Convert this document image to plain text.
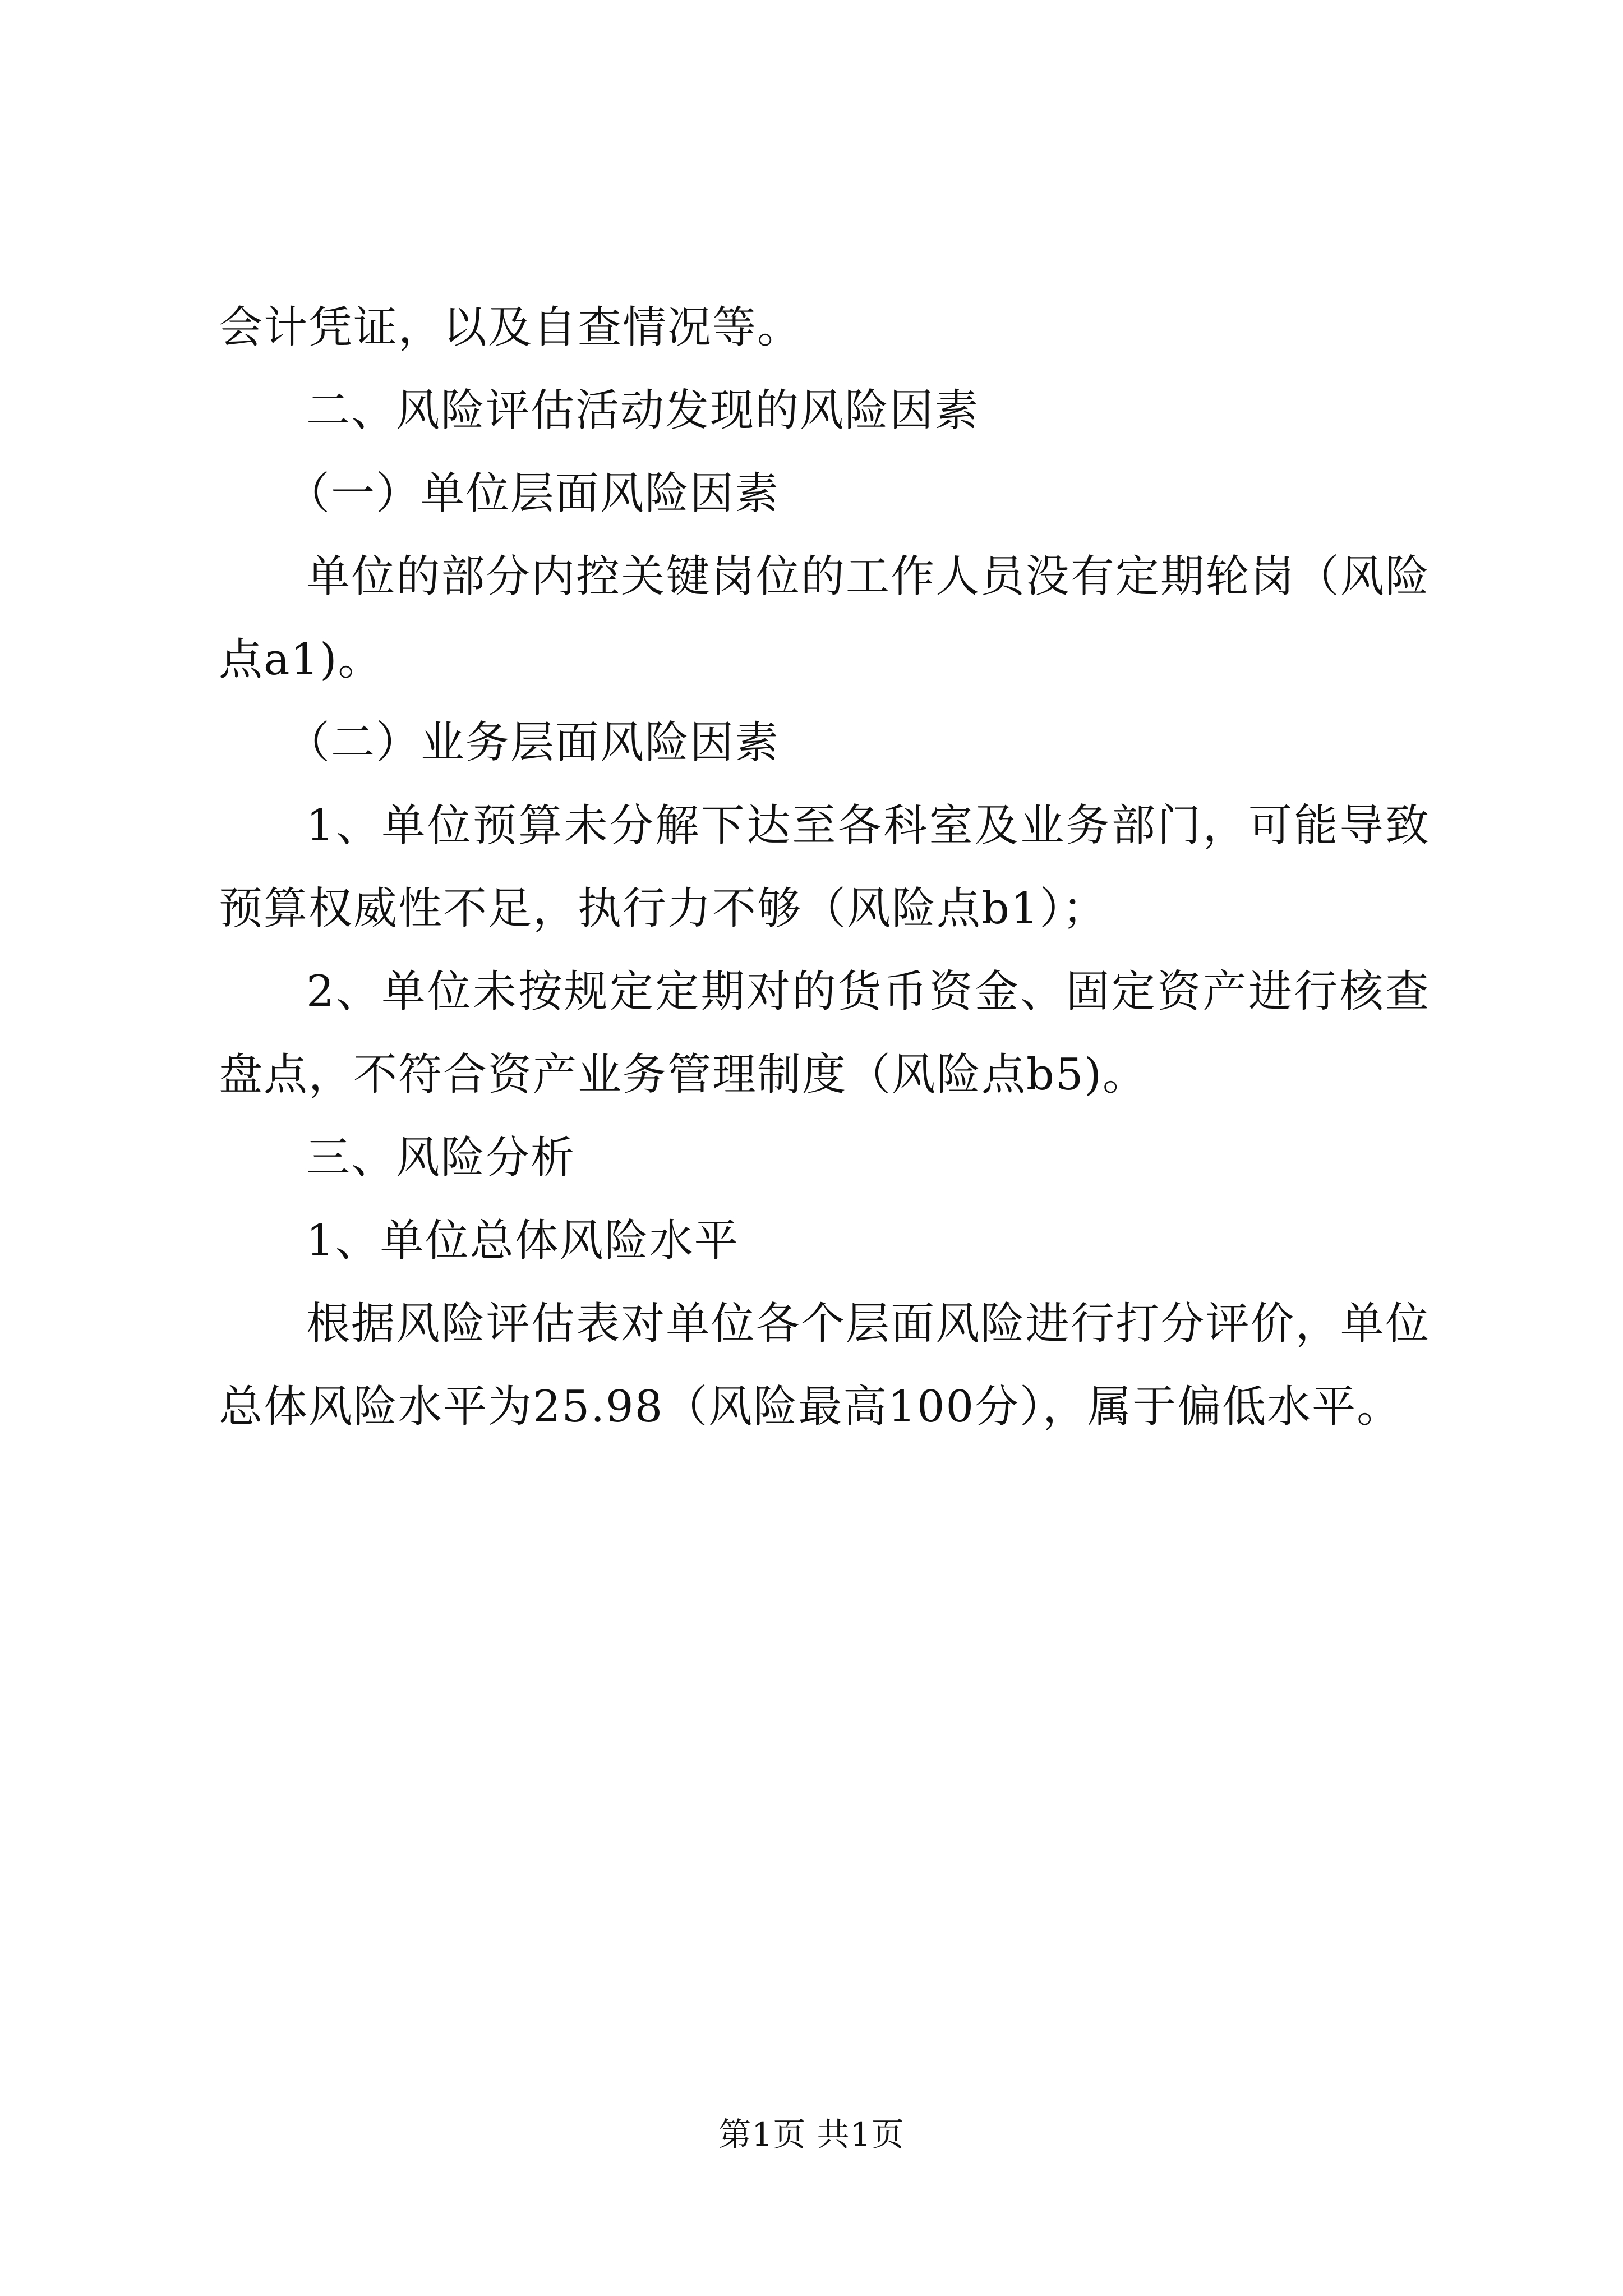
会计凭证，以及自查情况等。

二、风险评估活动发现的风险因素

（一）单位层面风险因素

单位的部分内控关键岗位的工作人员没有定期轮岗（风险点a1)。

（二）业务层面风险因素

1、单位预算未分解下达至各科室及业务部门，可能导致预算权威性不足，执行力不够（风险点b1）；

2、单位未按规定定期对的货币资金、固定资产进行核查盘点，不符合资产业务管理制度（风险点b5)。

三、风险分析

1、单位总体风险水平

根据风险评估表对单位各个层面风险进行打分评价，单位总体风险水平为25.98（风险最高100分），属于偏低水平。

第1页 共1页
